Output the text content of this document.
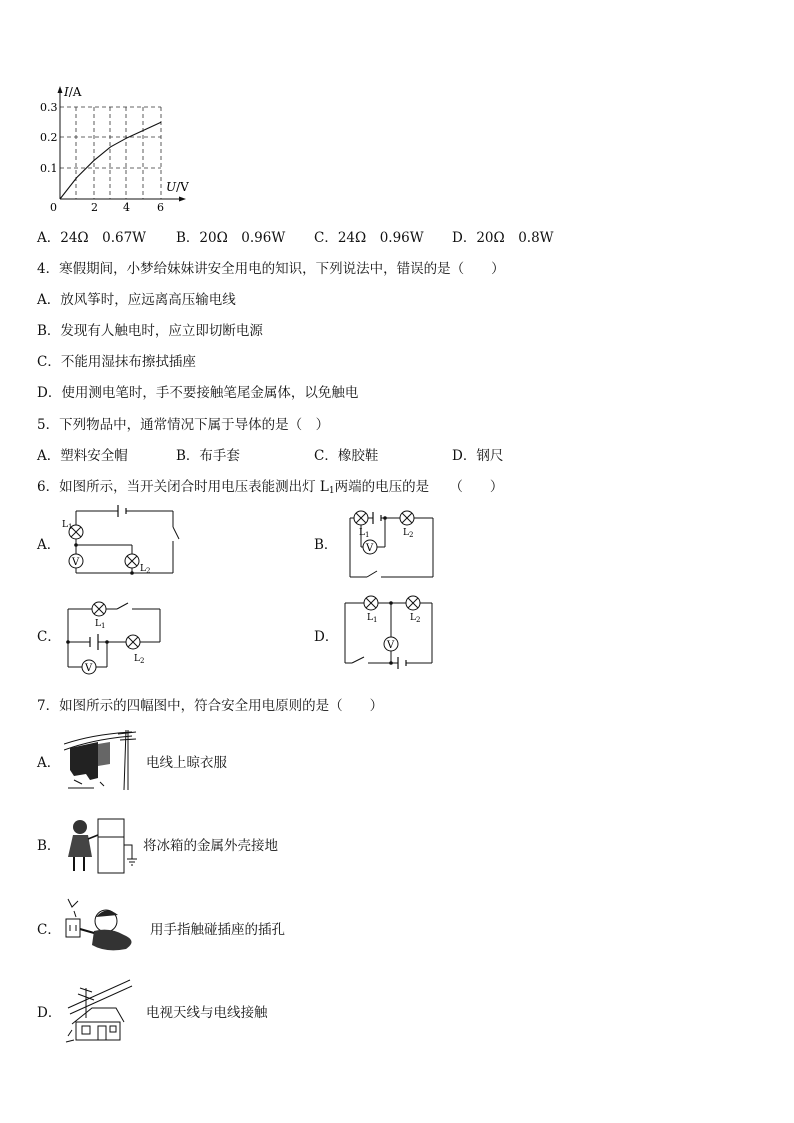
I/A
U/V
0.3
0.2
0.1
0	2 4 6
A．24Ω　0.67W B．20Ω　0.96W C．24Ω　0.96W D．20Ω　0.8W
4．寒假期间，小梦给妹妹讲安全用电的知识，下列说法中，错误的是（　　）
A．放风筝时，应远离高压输电线
B．发现有人触电时，应立即切断电源
C．不能用湿抹布擦拭插座
D．使用测电笔时，手不要接触笔尾金属体，以免触电
5．下列物品中，通常情况下属于导体的是（　）
A．塑料安全帽	B．布手套	C．橡胶鞋	D．钢尺
6．如图所示，当开关闭合时用电压表能测出灯 $L_1$两端的电压的是　　（　　）
A．	B．
C．	D．
V
$L_1$
$L_2$
V
$L_1$	$L_2$
V
$L_1$
$L_2$
V
$L_1$	$L_2$
7．如图所示的四幅图中，符合安全用电原则的是（　　）
A．	电线上晾衣服
B．	将冰箱的金属外壳接地
C．	用手指触碰插座的插孔
D．	电视天线与电线接触
